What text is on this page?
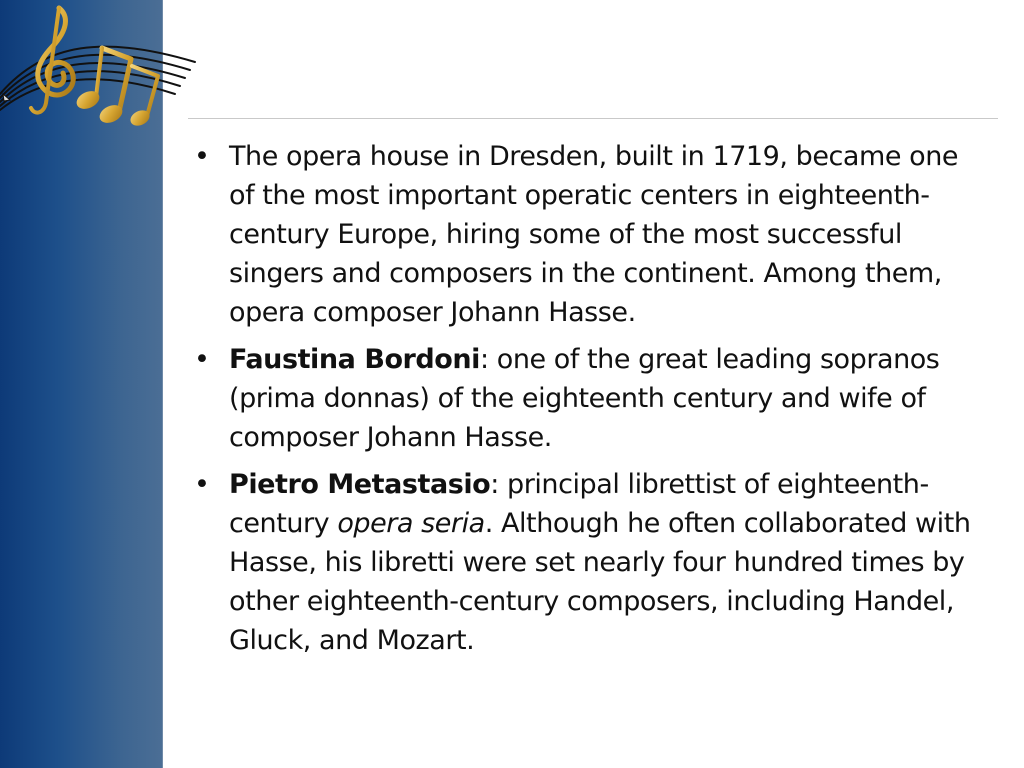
• The opera house in Dresden, built in 1719, became one of the most important operatic centers in eighteenth-century Europe, hiring some of the most successful singers and composers in the continent. Among them, opera composer Johann Hasse.
• Faustina Bordoni: one of the great leading sopranos (prima donnas) of the eighteenth century and wife of composer Johann Hasse.
• Pietro Metastasio: principal librettist of eighteenth-century opera seria. Although he often collaborated with Hasse, his libretti were set nearly four hundred times by other eighteenth-century composers, including Handel, Gluck, and Mozart.
